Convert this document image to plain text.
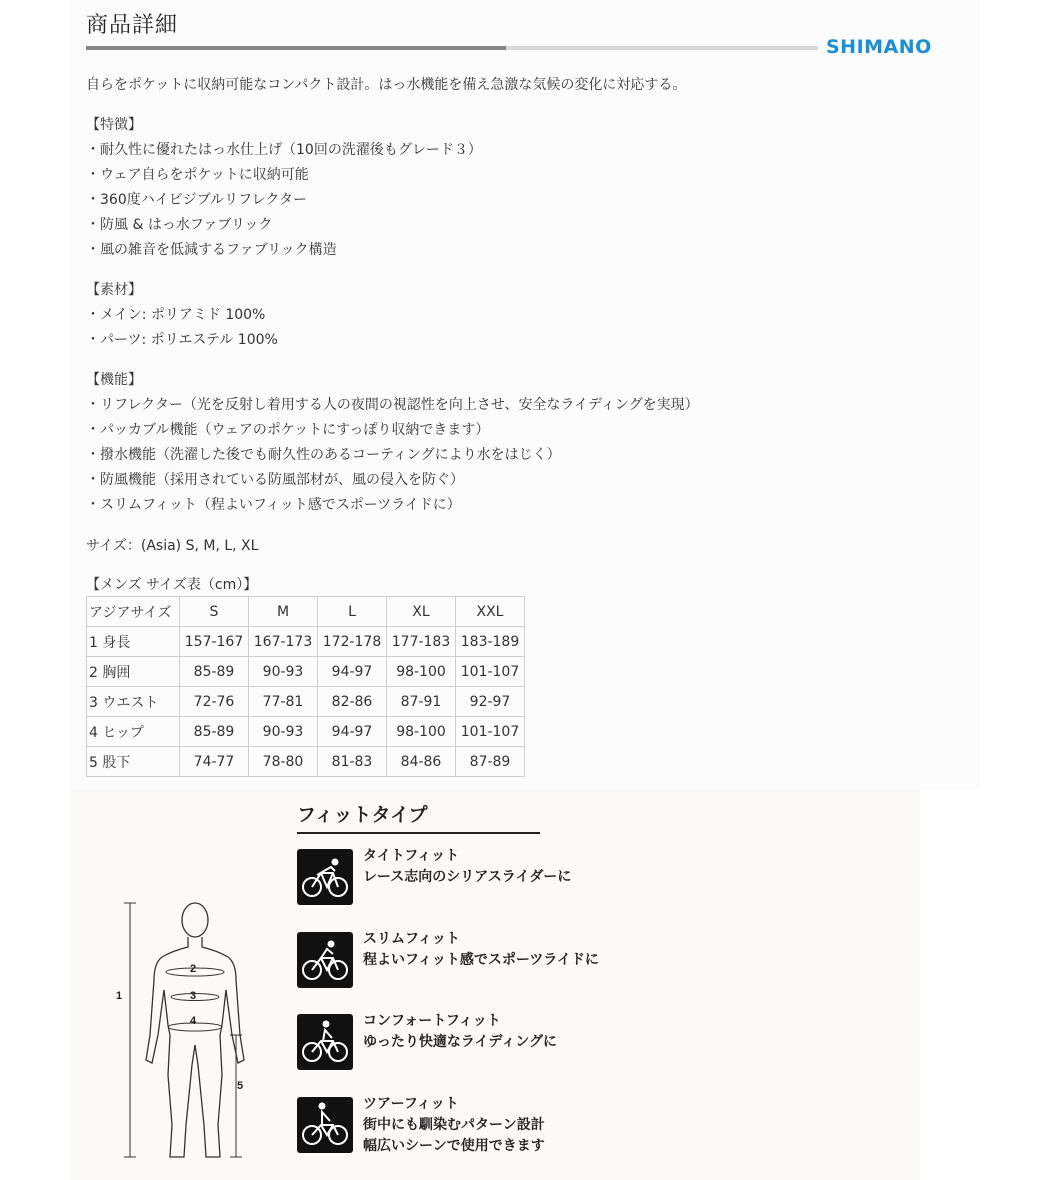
商品詳細
SHIMANO
自らをポケットに収納可能なコンパクト設計。はっ水機能を備え急激な気候の変化に対応する。
【特徴】
・耐久性に優れたはっ水仕上げ（10回の洗濯後もグレード３）
・ウェア自らをポケットに収納可能
・360度ハイビジブルリフレクター
・防風 & はっ水ファブリック
・風の雑音を低減するファブリック構造
【素材】
・メイン: ポリアミド 100%
・パーツ: ポリエステル 100%
【機能】
・リフレクター（光を反射し着用する人の夜間の視認性を向上させ、安全なライディングを実現）
・パッカブル機能（ウェアのポケットにすっぽり収納できます）
・撥水機能（洗濯した後でも耐久性のあるコーティングにより水をはじく）
・防風機能（採用されている防風部材が、風の侵入を防ぐ）
・スリムフィット（程よいフィット感でスポーツライドに）
サイズ：(Asia) S, M, L, XL
【メンズ サイズ表（cm）】
アジアサイズ	S	M	L	XL	XXL
1 身長	157-167	167-173	172-178	177-183	183-189
2 胸囲	85-89	90-93	94-97	98-100	101-107
3 ウエスト	72-76	77-81	82-86	87-91	92-97
4 ヒップ	85-89	90-93	94-97	98-100	101-107
5 股下	74-77	78-80	81-83	84-86	87-89
1
2
3
4
5
フィットタイプ
タイトフィット
レース志向のシリアスライダーに
スリムフィット
程よいフィット感でスポーツライドに
コンフォートフィット
ゆったり快適なライディングに
ツアーフィット
街中にも馴染むパターン設計
幅広いシーンで使用できます
